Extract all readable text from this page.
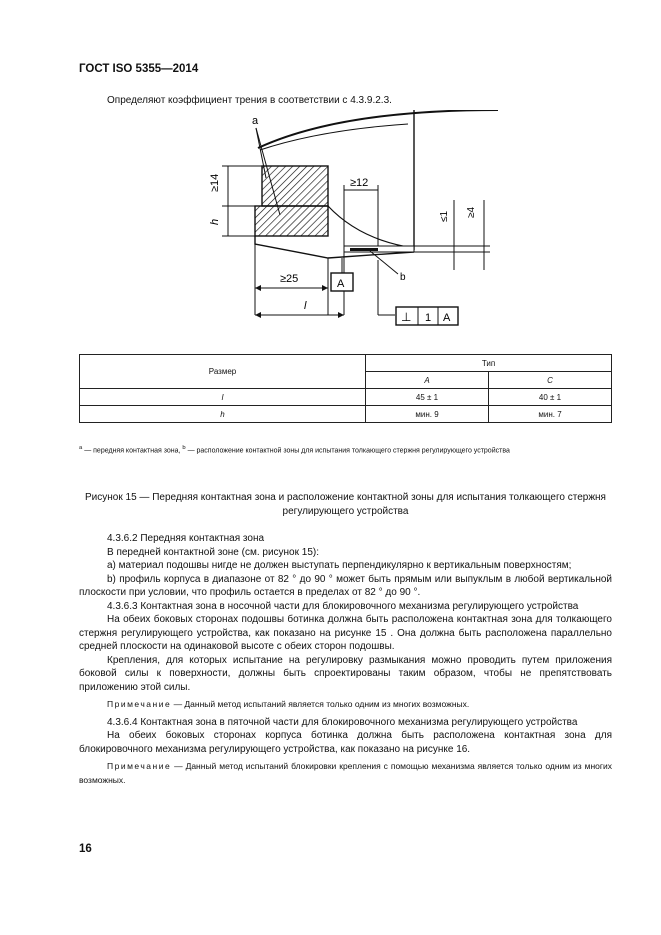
ГОСТ ISO 5355—2014
Определяют коэффициент трения в соответствии с 4.3.9.2.3.
≥12
≥14
h
a
b
≤1 ≥4
A
≥25
l
⊥ 1 A
Размер	Тип	
	A	C
l	45 ± 1	40 ± 1
h	мин. 9	мин. 7
$^a$ — передняя контактная зона, $^b$ — расположение контактной зоны для испытания толкающего стержня регулирующего устройства
Рисунок 15 — Передняя контактная зона и расположение контактной зоны для испытания толкающего стержня регулирующего устройства

4.3.6.2 Передняя контактная зона

В передней контактной зоне (см. рисунок 15):

а) материал подошвы нигде не должен выступать перпендикулярно к вертикальным поверхностям;

b) профиль корпуса в диапазоне от 82 ° до 90 ° может быть прямым или выпуклым в любой вертикальной плоскости при условии, что профиль остается в пределах от 82 ° до 90 °.

4.3.6.3 Контактная зона в носочной части для блокировочного механизма регулирующего устройства

На обеих боковых сторонах подошвы ботинка должна быть расположена контактная зона для толкающего стержня регулирующего устройства, как показано на рисунке 15 . Она должна быть расположена параллельно средней плоскости на одинаковой высоте с обеих сторон подошвы.

Крепления, для которых испытание на регулировку размыкания можно проводить путем приложения боковой силы к поверхности, должны быть спроектированы таким образом, чтобы не препятствовать приложению этой силы.

Примечание — Данный метод испытаний является только одним из многих возможных.

4.3.6.4 Контактная зона в пяточной части для блокировочного механизма регулирующего устройства

На обеих боковых сторонах корпуса ботинка должна быть расположена контактная зона для блокировочного механизма регулирующего устройства, как показано на рисунке 16.

Примечание — Данный метод испытаний блокировки крепления с помощью механизма является только одним из многих возможных.

16
